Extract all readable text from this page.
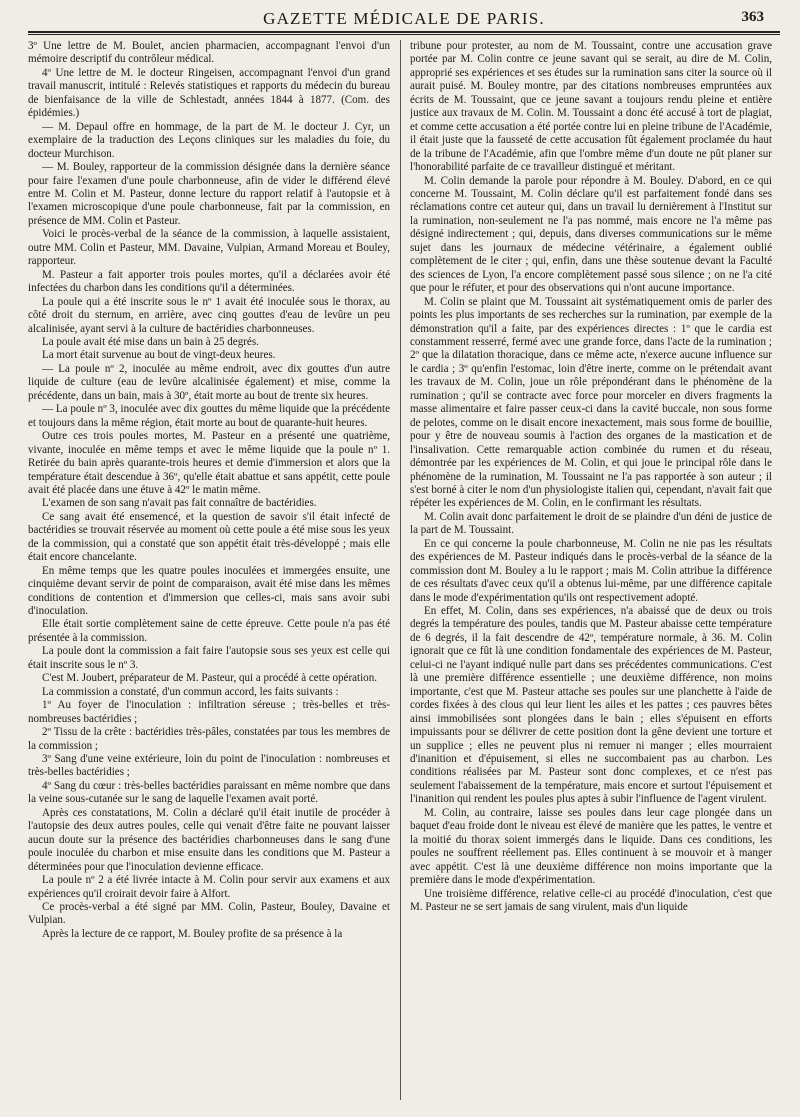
GAZETTE MÉDICALE DE PARIS.	363

3º Une lettre de M. Boulet, ancien pharmacien, accompagnant l'envoi d'un mémoire descriptif du contrôleur médical.

4º Une lettre de M. le docteur Ringeisen, accompagnant l'envoi d'un grand travail manuscrit, intitulé : Relevés statistiques et rapports du médecin du bureau de bienfaisance de la ville de Schlestadt, années 1844 à 1877. (Com. des épidémies.)

— M. Depaul offre en hommage, de la part de M. le docteur J. Cyr, un exemplaire de la traduction des Leçons cliniques sur les maladies du foie, du docteur Murchison.

— M. Bouley, rapporteur de la commission désignée dans la dernière séance pour faire l'examen d'une poule charbonneuse, afin de vider le différend élevé entre M. Colin et M. Pasteur, donne lecture du rapport relatif à l'autopsie et à l'examen microscopique d'une poule charbonneuse, fait par la commission, en présence de MM. Colin et Pasteur.

Voici le procès-verbal de la séance de la commission, à laquelle assistaient, outre MM. Colin et Pasteur, MM. Davaine, Vulpian, Armand Moreau et Bouley, rapporteur.

M. Pasteur a fait apporter trois poules mortes, qu'il a déclarées avoir été infectées du charbon dans les conditions qu'il a déterminées.

La poule qui a été inscrite sous le nº 1 avait été inoculée sous le thorax, au côté droit du sternum, en arrière, avec cinq gouttes d'eau de levûre un peu alcalinisée, ayant servi à la culture de bactéridies charbonneuses.

La poule avait été mise dans un bain à 25 degrés.

La mort était survenue au bout de vingt-deux heures.

— La poule nº 2, inoculée au même endroit, avec dix gouttes d'un autre liquide de culture (eau de levûre alcalinisée également) et mise, comme la précédente, dans un bain, mais à 30º, était morte au bout de trente six heures.

— La poule nº 3, inoculée avec dix gouttes du même liquide que la précédente et toujours dans la même région, était morte au bout de quarante-huit heures.

Outre ces trois poules mortes, M. Pasteur en a présenté une quatrième, vivante, inoculée en même temps et avec le même liquide que la poule nº 1. Retirée du bain après quarante-trois heures et demie d'immersion et alors que la température était descendue à 36º, qu'elle était abattue et sans appétit, cette poule avait été placée dans une étuve à 42º le matin même.

L'examen de son sang n'avait pas fait connaître de bactéridies.

Ce sang avait été ensemencé, et la question de savoir s'il était infecté de bactéridies se trouvait réservée au moment où cette poule a été mise sous les yeux de la commission, qui a constaté que son appétit était très-développé ; mais elle était encore chancelante.

En même temps que les quatre poules inoculées et immergées ensuite, une cinquième devant servir de point de comparaison, avait été mise dans les mêmes conditions de contention et d'immersion que celles-ci, mais sans avoir subi d'inoculation.

Elle était sortie complètement saine de cette épreuve. Cette poule n'a pas été présentée à la commission.

La poule dont la commission a fait faire l'autopsie sous ses yeux est celle qui était inscrite sous le nº 3.

C'est M. Joubert, préparateur de M. Pasteur, qui a procédé à cette opération.

La commission a constaté, d'un commun accord, les faits suivants :

1º Au foyer de l'inoculation : infiltration séreuse ; très-belles et très-nombreuses bactéridies ;

2º Tissu de la crête : bactéridies très-pâles, constatées par tous les membres de la commission ;

3º Sang d'une veine extérieure, loin du point de l'inoculation : nombreuses et très-belles bactéridies ;

4º Sang du cœur : très-belles bactéridies paraissant en même nombre que dans la veine sous-cutanée sur le sang de laquelle l'examen avait porté.

Après ces constatations, M. Colin a déclaré qu'il était inutile de procéder à l'autopsie des deux autres poules, celle qui venait d'être faite ne pouvant laisser aucun doute sur la présence des bactéridies charbonneuses dans le sang d'une poule inoculée du charbon et mise ensuite dans les conditions que M. Pasteur a déterminées pour que l'inoculation devienne efficace.

La poule nº 2 a été livrée intacte à M. Colin pour servir aux examens et aux expériences qu'il croirait devoir faire à Alfort.

Ce procès-verbal a été signé par MM. Colin, Pasteur, Bouley, Davaine et Vulpian.

Après la lecture de ce rapport, M. Bouley profite de sa présence à la

tribune pour protester, au nom de M. Toussaint, contre une accusation grave portée par M. Colin contre ce jeune savant qui se serait, au dire de M. Colin, approprié ses expériences et ses études sur la rumination sans citer la source où il aurait puisé. M. Bouley montre, par des citations nombreuses empruntées aux écrits de M. Toussaint, que ce jeune savant a toujours rendu pleine et entière justice aux travaux de M. Colin. M. Toussaint a donc été accusé à tort de plagiat, et comme cette accusation a été portée contre lui en pleine tribune de l'Académie, il était juste que la fausseté de cette accusation fût également proclamée du haut de la tribune de l'Académie, afin que l'ombre même d'un doute ne pût planer sur l'honorabilité parfaite de ce travailleur distingué et méritant.

M. Colin demande la parole pour répondre à M. Bouley. D'abord, en ce qui concerne M. Toussaint, M. Colin déclare qu'il est parfaitement fondé dans ses réclamations contre cet auteur qui, dans un travail lu dernièrement à l'Institut sur la rumination, non-seulement ne l'a pas nommé, mais encore ne l'a même pas désigné indirectement ; qui, depuis, dans diverses communications sur le même sujet dans les journaux de médecine vétérinaire, a également oublié complètement de le citer ; qui, enfin, dans une thèse soutenue devant la Faculté des sciences de Lyon, l'a encore complètement passé sous silence ; on ne l'a cité que pour le réfuter, et pour des observations qui n'ont aucune importance.

M. Colin se plaint que M. Toussaint ait systématiquement omis de parler des points les plus importants de ses recherches sur la rumination, par exemple de la démonstration qu'il a faite, par des expériences directes : 1º que le cardia est constamment resserré, fermé avec une grande force, dans l'acte de la rumination ; 2º que la dilatation thoracique, dans ce même acte, n'exerce aucune influence sur le cardia ; 3º qu'enfin l'estomac, loin d'être inerte, comme on le prétendait avant les travaux de M. Colin, joue un rôle prépondérant dans le phénomène de la rumination ; qu'il se contracte avec force pour morceler en divers fragments la masse alimentaire et faire passer ceux-ci dans la cavité buccale, non sous forme de pelotes, comme on le disait encore inexactement, mais sous forme de bouillie, pour y être de nouveau soumis à l'action des organes de la mastication et de l'insalivation. Cette remarquable action combinée du rumen et du réseau, démontrée par les expériences de M. Colin, et qui joue le principal rôle dans le phénomène de la rumination, M. Toussaint ne l'a pas rapportée à son auteur ; il s'est borné à citer le nom d'un physiologiste italien qui, cependant, n'avait fait que répéter les expériences de M. Colin, en le confirmant les résultats.

M. Colin avait donc parfaitement le droit de se plaindre d'un déni de justice de la part de M. Toussaint.

En ce qui concerne la poule charbonneuse, M. Colin ne nie pas les résultats des expériences de M. Pasteur indiqués dans le procès-verbal de la séance de la commission dont M. Bouley a lu le rapport ; mais M. Colin attribue la différence de ces résultats d'avec ceux qu'il a obtenus lui-même, par une différence capitale dans le mode d'expérimentation qu'ils ont respectivement adopté.

En effet, M. Colin, dans ses expériences, n'a abaissé que de deux ou trois degrés la température des poules, tandis que M. Pasteur abaisse cette température de 6 degrés, il la fait descendre de 42º, température normale, à 36. M. Colin ignorait que ce fût là une condition fondamentale des expériences de M. Pasteur, celui-ci ne l'ayant indiqué nulle part dans ses précédentes communications. C'est là une première différence essentielle ; une deuxième différence, non moins importante, c'est que M. Pasteur attache ses poules sur une planchette à l'aide de cordes fixées à des clous qui leur lient les ailes et les pattes ; ces pauvres bêtes ainsi immobilisées sont plongées dans le bain ; elles s'épuisent en efforts impuissants pour se délivrer de cette position dont la gêne devient une torture et un supplice ; elles ne peuvent plus ni remuer ni manger ; elles mourraient d'inanition et d'épuisement, si elles ne succombaient pas au charbon. Les conditions réalisées par M. Pasteur sont donc complexes, et ce n'est pas seulement l'abaissement de la température, mais encore et surtout l'épuisement et l'inanition qui rendent les poules plus aptes à subir l'influence de l'agent virulent.

M. Colin, au contraire, laisse ses poules dans leur cage plongée dans un baquet d'eau froide dont le niveau est élevé de manière que les pattes, le ventre et la moitié du thorax soient immergés dans le liquide. Dans ces conditions, les poules ne souffrent réellement pas. Elles continuent à se mouvoir et à manger avec appétit. C'est là une deuxième différence non moins importante que la première dans le mode d'expérimentation.

Une troisième différence, relative celle-ci au procédé d'inoculation, c'est que M. Pasteur ne se sert jamais de sang virulent, mais d'un liquide
